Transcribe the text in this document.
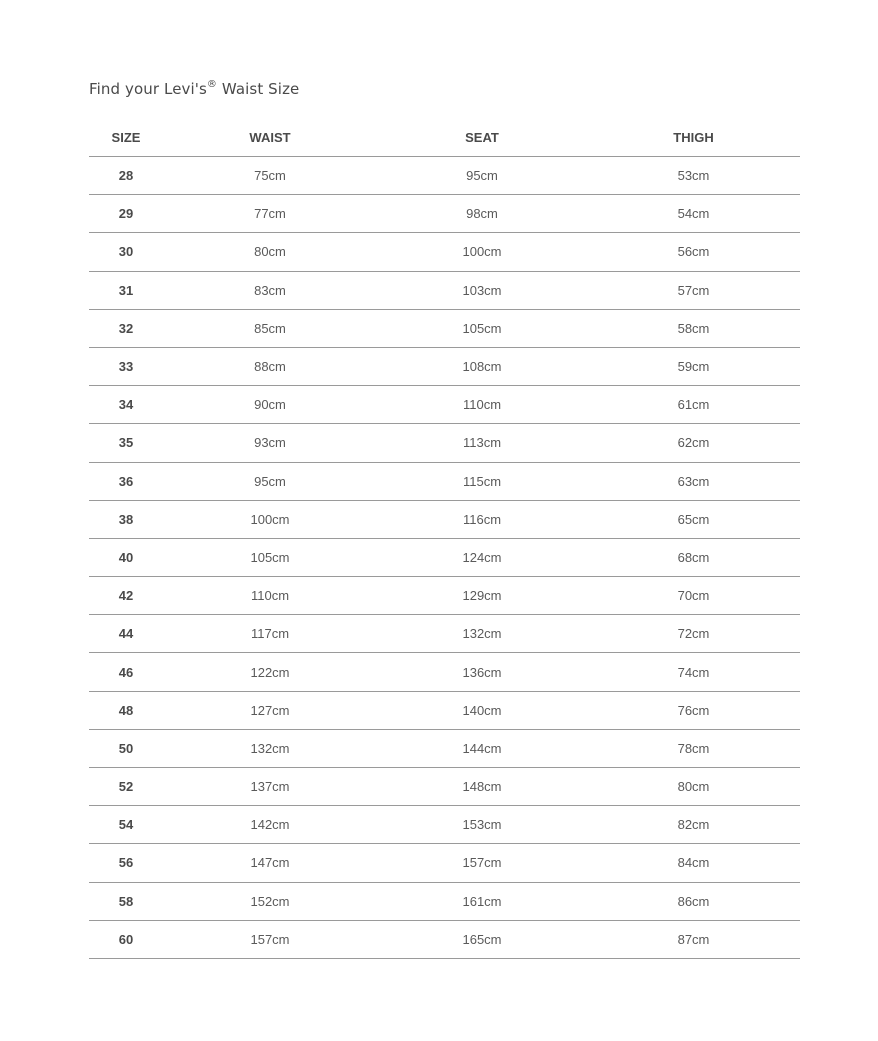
Find your Levi's® Waist Size
SIZE	WAIST	SEAT	THIGH
28	75cm	95cm	53cm
29	77cm	98cm	54cm
30	80cm	100cm	56cm
31	83cm	103cm	57cm
32	85cm	105cm	58cm
33	88cm	108cm	59cm
34	90cm	110cm	61cm
35	93cm	113cm	62cm
36	95cm	115cm	63cm
38	100cm	116cm	65cm
40	105cm	124cm	68cm
42	110cm	129cm	70cm
44	117cm	132cm	72cm
46	122cm	136cm	74cm
48	127cm	140cm	76cm
50	132cm	144cm	78cm
52	137cm	148cm	80cm
54	142cm	153cm	82cm
56	147cm	157cm	84cm
58	152cm	161cm	86cm
60	157cm	165cm	87cm
